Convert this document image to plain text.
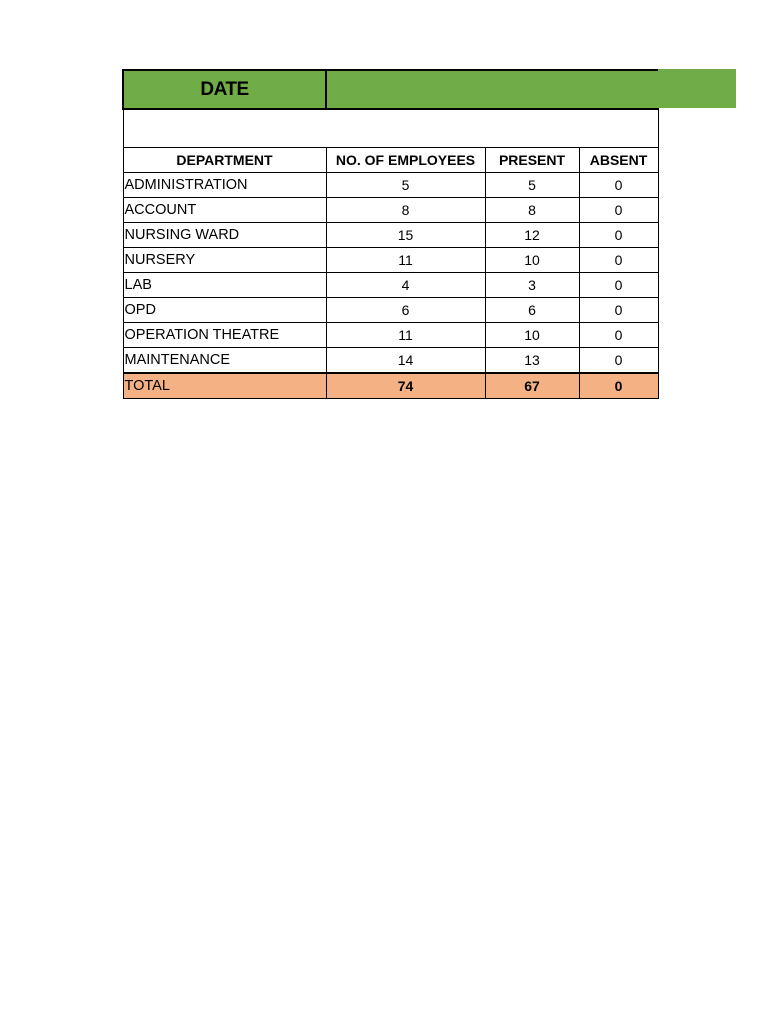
DATE			

DEPARTMENT	NO. OF EMPLOYEES	PRESENT	ABSENT
ADMINISTRATION	5	5	0
ACCOUNT	8	8	0
NURSING WARD	15	12	0
NURSERY	11	10	0
LAB	4	3	0
OPD	6	6	0
OPERATION THEATRE	11	10	0
MAINTENANCE	14	13	0
TOTAL	74	67	0
